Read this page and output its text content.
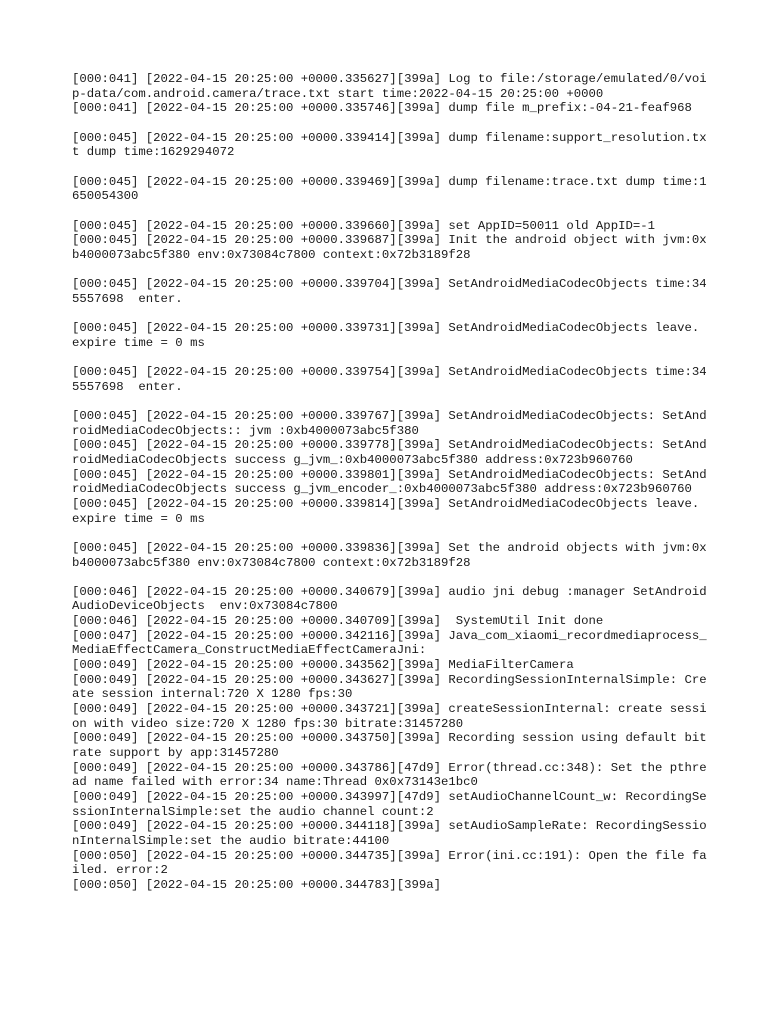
[000:041] [2022-04-15 20:25:00 +0000.335627][399a] Log to file:/storage/emulated/0/voip-data/com.android.camera/trace.txt start time:2022-04-15 20:25:00 +0000

[000:041] [2022-04-15 20:25:00 +0000.335746][399a] dump file m_prefix:-04-21-feaf968

[000:045] [2022-04-15 20:25:00 +0000.339414][399a] dump filename:support_resolution.txt dump time:1629294072

[000:045] [2022-04-15 20:25:00 +0000.339469][399a] dump filename:trace.txt dump time:1650054300

[000:045] [2022-04-15 20:25:00 +0000.339660][399a] set AppID=50011 old AppID=-1

[000:045] [2022-04-15 20:25:00 +0000.339687][399a] Init the android object with jvm:0xb4000073abc5f380 env:0x73084c7800 context:0x72b3189f28

[000:045] [2022-04-15 20:25:00 +0000.339704][399a] SetAndroidMediaCodecObjects time:345557698  enter.

[000:045] [2022-04-15 20:25:00 +0000.339731][399a] SetAndroidMediaCodecObjects leave. expire time = 0 ms

[000:045] [2022-04-15 20:25:00 +0000.339754][399a] SetAndroidMediaCodecObjects time:345557698  enter.

[000:045] [2022-04-15 20:25:00 +0000.339767][399a] SetAndroidMediaCodecObjects: SetAndroidMediaCodecObjects:: jvm :0xb4000073abc5f380

[000:045] [2022-04-15 20:25:00 +0000.339778][399a] SetAndroidMediaCodecObjects: SetAndroidMediaCodecObjects success g_jvm_:0xb4000073abc5f380 address:0x723b960760

[000:045] [2022-04-15 20:25:00 +0000.339801][399a] SetAndroidMediaCodecObjects: SetAndroidMediaCodecObjects success g_jvm_encoder_:0xb4000073abc5f380 address:0x723b960760

[000:045] [2022-04-15 20:25:00 +0000.339814][399a] SetAndroidMediaCodecObjects leave. expire time = 0 ms

[000:045] [2022-04-15 20:25:00 +0000.339836][399a] Set the android objects with jvm:0xb4000073abc5f380 env:0x73084c7800 context:0x72b3189f28

[000:046] [2022-04-15 20:25:00 +0000.340679][399a] audio jni debug :manager SetAndroidAudioDeviceObjects  env:0x73084c7800

[000:046] [2022-04-15 20:25:00 +0000.340709][399a]  SystemUtil Init done

[000:047] [2022-04-15 20:25:00 +0000.342116][399a] Java_com_xiaomi_recordmediaprocess_MediaEffectCamera_ConstructMediaEffectCameraJni:

[000:049] [2022-04-15 20:25:00 +0000.343562][399a] MediaFilterCamera

[000:049] [2022-04-15 20:25:00 +0000.343627][399a] RecordingSessionInternalSimple: Create session internal:720 X 1280 fps:30

[000:049] [2022-04-15 20:25:00 +0000.343721][399a] createSessionInternal: create session with video size:720 X 1280 fps:30 bitrate:31457280

[000:049] [2022-04-15 20:25:00 +0000.343750][399a] Recording session using default bitrate support by app:31457280

[000:049] [2022-04-15 20:25:00 +0000.343786][47d9] Error(thread.cc:348): Set the pthread name failed with error:34 name:Thread 0x0x73143e1bc0

[000:049] [2022-04-15 20:25:00 +0000.343997][47d9] setAudioChannelCount_w: RecordingSessionInternalSimple:set the audio channel count:2

[000:049] [2022-04-15 20:25:00 +0000.344118][399a] setAudioSampleRate: RecordingSessionInternalSimple:set the audio bitrate:44100

[000:050] [2022-04-15 20:25:00 +0000.344735][399a] Error(ini.cc:191): Open the file failed. error:2

[000:050] [2022-04-15 20:25:00 +0000.344783][399a]
